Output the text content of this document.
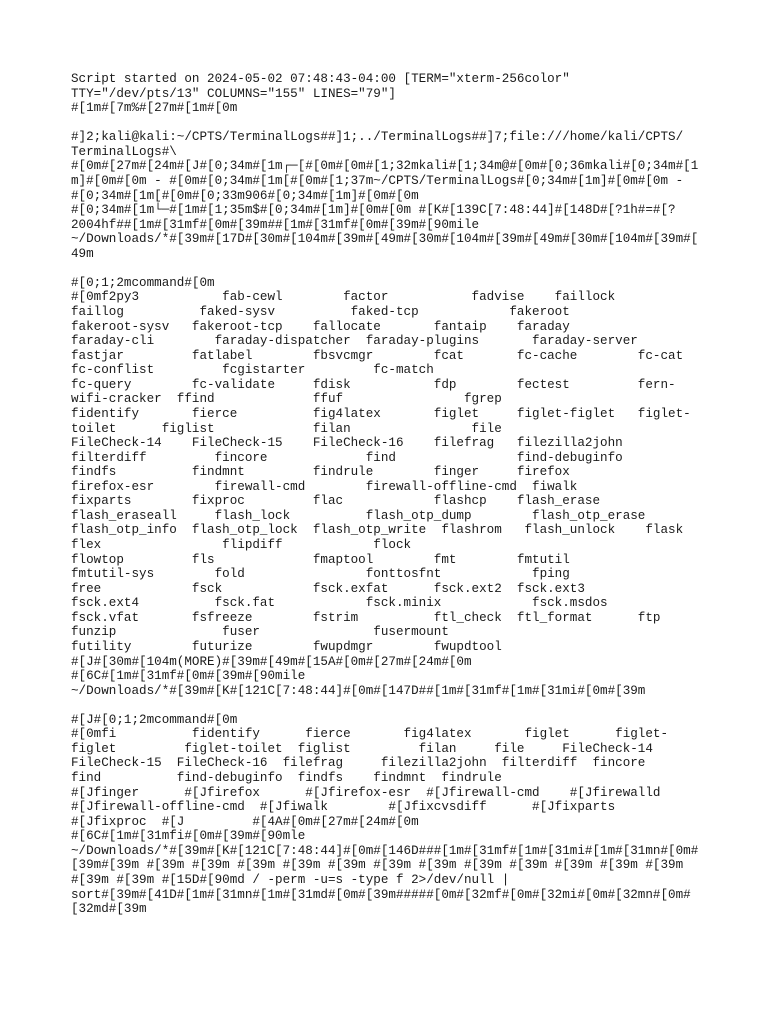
Script started on 2024-05-02 07:48:43-04:00 [TERM="xterm-256color"
TTY="/dev/pts/13" COLUMNS="155" LINES="79"]
#[1m#[7m%#[27m#[1m#[0m

#]2;kali@kali:~/CPTS/TerminalLogs##]1;../TerminalLogs##]7;file:///home/kali/CPTS/
TerminalLogs#\
#[0m#[27m#[24m#[J#[0;34m#[1m┌─[#[0m#[0m#[1;32mkali#[1;34m@#[0m#[0;36mkali#[0;34m#[1
m]#[0m#[0m - #[0m#[0;34m#[1m[#[0m#[1;37m~/CPTS/TerminalLogs#[0;34m#[1m]#[0m#[0m -
#[0;34m#[1m[#[0m#[0;33m906#[0;34m#[1m]#[0m#[0m
#[0;34m#[1m└─#[1m#[1;35m$#[0;34m#[1m]#[0m#[0m #[K#[139C[7:48:44]#[148D#[?1h#=#[?
2004hf##[1m#[31mf#[0m#[39m##[1m#[31mf#[0m#[39m#[90mile
~/Downloads/*#[39m#[17D#[30m#[104m#[39m#[49m#[30m#[104m#[39m#[49m#[30m#[104m#[39m#[
49m

#[0;1;2mcommand#[0m
#[0mf2py3           fab-cewl        factor           fadvise    faillock
faillog          faked-sysv          faked-tcp            fakeroot
fakeroot-sysv   fakeroot-tcp    fallocate       fantaip    faraday
faraday-cli        faraday-dispatcher  faraday-plugins       faraday-server
fastjar         fatlabel        fbsvcmgr        fcat       fc-cache        fc-cat
fc-conflist         fcgistarter         fc-match
fc-query        fc-validate     fdisk           fdp        fectest         fern-
wifi-cracker  ffind             ffuf                fgrep
fidentify       fierce          fig4latex       figlet     figlet-figlet   figlet-
toilet      figlist             filan                file
FileCheck-14    FileCheck-15    FileCheck-16    filefrag   filezilla2john
filterdiff         fincore             find                find-debuginfo
findfs          findmnt         findrule        finger     firefox
firefox-esr        firewall-cmd        firewall-offline-cmd  fiwalk
fixparts        fixproc         flac            flashcp    flash_erase
flash_eraseall     flash_lock          flash_otp_dump        flash_otp_erase
flash_otp_info  flash_otp_lock  flash_otp_write  flashrom   flash_unlock    flask
flex                flipdiff            flock
flowtop         fls             fmaptool        fmt        fmtutil
fmtutil-sys        fold                fonttosfnt            fping
free            fsck            fsck.exfat      fsck.ext2  fsck.ext3
fsck.ext4          fsck.fat            fsck.minix            fsck.msdos
fsck.vfat       fsfreeze        fstrim          ftl_check  ftl_format      ftp
funzip              fuser               fusermount
futility        futurize        fwupdmgr        fwupdtool
#[J#[30m#[104m(MORE)#[39m#[49m#[15A#[0m#[27m#[24m#[0m
#[6C#[1m#[31mf#[0m#[39m#[90mile
~/Downloads/*#[39m#[K#[121C[7:48:44]#[0m#[147D##[1m#[31mf#[1m#[31mi#[0m#[39m

#[J#[0;1;2mcommand#[0m
#[0mfi          fidentify      fierce       fig4latex       figlet      figlet-
figlet         figlet-toilet  figlist         filan     file     FileCheck-14
FileCheck-15  FileCheck-16  filefrag     filezilla2john  filterdiff  fincore
find          find-debuginfo  findfs    findmnt  findrule
#[Jfinger      #[Jfirefox      #[Jfirefox-esr  #[Jfirewall-cmd    #[Jfirewalld
#[Jfirewall-offline-cmd  #[Jfiwalk        #[Jfixcvsdiff      #[Jfixparts
#[Jfixproc  #[J         #[4A#[0m#[27m#[24m#[0m
#[6C#[1m#[31mfi#[0m#[39m#[90mle
~/Downloads/*#[39m#[K#[121C[7:48:44]#[0m#[146D###[1m#[31mf#[1m#[31mi#[1m#[31mn#[0m#
[39m#[39m #[39m #[39m #[39m #[39m #[39m #[39m #[39m #[39m #[39m #[39m #[39m #[39m
#[39m #[39m #[15D#[90md / -perm -u=s -type f 2>/dev/null |
sort#[39m#[41D#[1m#[31mn#[1m#[31md#[0m#[39m#####[0m#[32mf#[0m#[32mi#[0m#[32mn#[0m#
[32md#[39m
